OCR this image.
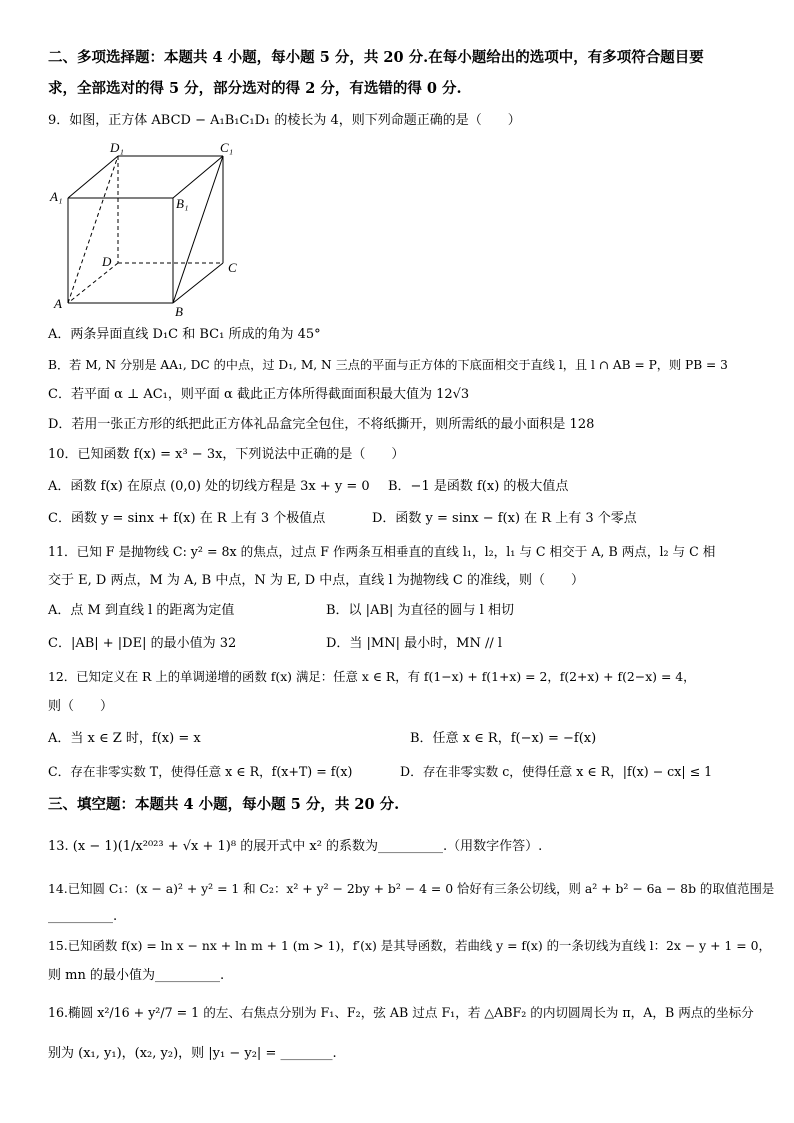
二、多项选择题：本题共 4 小题，每小题 5 分，共 20 分.在每小题给出的选项中，有多项符合题目要
求，全部选对的得 5 分，部分选对的得 2 分，有选错的得 0 分.
9．如图，正方体 ABCD − A₁B₁C₁D₁ 的棱长为 4，则下列命题正确的是（　　）
D₁	C₁
A₁	B₁
D	C
A
B
A．两条异面直线 D₁C 和 BC₁ 所成的角为 45°
B．若 M, N 分别是 AA₁, DC 的中点，过 D₁, M, N 三点的平面与正方体的下底面相交于直线 l，且 l ∩ AB = P，则 PB = 3
C．若平面 α ⊥ AC₁，则平面 α 截此正方体所得截面面积最大值为 12√3
D．若用一张正方形的纸把此正方体礼品盒完全包住，不将纸撕开，则所需纸的最小面积是 128
10．已知函数 f(x) = x³ − 3x，下列说法中正确的是（　　）
A．函数 f(x) 在原点 (0,0) 处的切线方程是 3x + y = 0 B．−1 是函数 f(x) 的极大值点
C．函数 y = sinx + f(x) 在 R 上有 3 个极值点	D．函数 y = sinx − f(x) 在 R 上有 3 个零点
11．已知 F 是抛物线 C: y² = 8x 的焦点，过点 F 作两条互相垂直的直线 l₁，l₂，l₁ 与 C 相交于 A, B 两点，l₂ 与 C 相
交于 E, D 两点，M 为 A, B 中点，N 为 E, D 中点，直线 l 为抛物线 C 的准线，则（　　）
A．点 M 到直线 l 的距离为定值	B．以 |AB| 为直径的圆与 l 相切
C．|AB| + |DE| 的最小值为 32	D．当 |MN| 最小时，MN // l
12．已知定义在 R 上的单调递增的函数 f(x) 满足：任意 x ∈ R，有 f(1−x) + f(1+x) = 2，f(2+x) + f(2−x) = 4，
则（　　）
A．当 x ∈ Z 时，f(x) = x	B．任意 x ∈ R，f(−x) = −f(x)
C．存在非零实数 T，使得任意 x ∈ R，f(x+T) = f(x)	D．存在非零实数 c，使得任意 x ∈ R，|f(x) − cx| ≤ 1
三、填空题：本题共 4 小题，每小题 5 分，共 20 分.
13. (x − 1)(1/x²⁰²³ + √x + 1)⁸ 的展开式中 x² 的系数为__________.（用数字作答）.
14.已知圆 C₁：(x − a)² + y² = 1 和 C₂：x² + y² − 2by + b² − 4 = 0 恰好有三条公切线，则 a² + b² − 6a − 8b 的取值范围是
__________.
15.已知函数 f(x) = ln x − nx + ln m + 1 (m > 1)，f′(x) 是其导函数，若曲线 y = f(x) 的一条切线为直线 l：2x − y + 1 = 0，
则 mn 的最小值为__________.
16.椭圆 x²/16 + y²/7 = 1 的左、右焦点分别为 F₁、F₂，弦 AB 过点 F₁，若 △ABF₂ 的内切圆周长为 π，A，B 两点的坐标分
别为 (x₁, y₁)，(x₂, y₂)，则 |y₁ − y₂| = ________.
